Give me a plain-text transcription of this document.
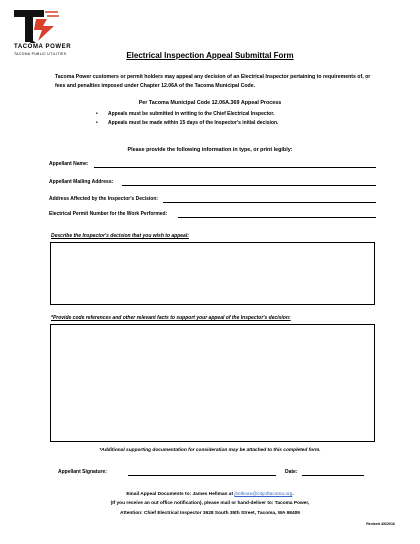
TACOMA POWER
TACOMA PUBLIC UTILITIES	Electrical Inspection Appeal Submittal Form
Tacoma Power customers or permit holders may appeal any decision of an Electrical Inspector pertaining to requirements of, or fees and penalties imposed under Chapter 12.06A of the Tacoma Municipal Code.
Per Tacoma Municipal Code 12.06A.369 Appeal Process
• Appeals must be submitted in writing to the Chief Electrical Inspector.
• Appeals must be made within 15 days of the Inspector's initial decision.
Please provide the following information in type, or print legibly:
Appellant Name:
Appellant Mailing Address:
Address Affected by the Inspector's Decision:
Electrical Permit Number for the Work Performed:
Describe the Inspector's decision that you wish to appeal:
*Provide code references and other relevant facts to support your appeal of the Inspector's decision:
*Additional supporting documentation for consideration may be attached to this completed form.
Appellant Signature:	Date:
Email Appeal Documents to: James Hellman at jhellman@cityoftacoma.org.
(If you receive an out office notification), please mail or hand-deliver to: Tacoma Power,
Attention: Chief Electrical Inspector 3628 South 35th Street, Tacoma, WA 98409
Revised 4/6/2016
